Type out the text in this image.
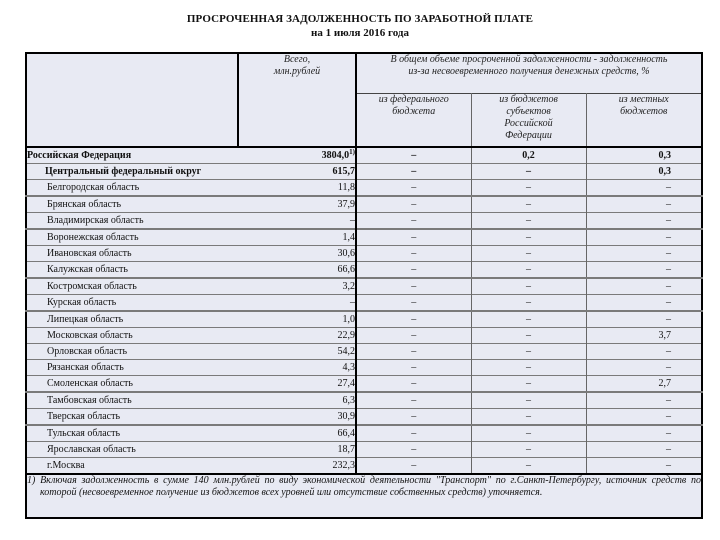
ПРОСРОЧЕННАЯ ЗАДОЛЖЕННОСТЬ ПО ЗАРАБОТНОЙ ПЛАТЕ
на 1 июля 2016 года
	Всего, млн.рублей	В общем объеме просроченной задолженности - задолженность из-за несвоевременного получения денежных средств, %		
		из федерального бюджета	из бюджетов субъектов Российской Федерации	из местных бюджетов
Российская Федерация	3804,0$^{1)}$	–	0,2	0,3
Центральный федеральный округ	615,7	–	–	0,3
Белгородская область	11,8	–	–	–
Брянская область	37,9	–	–	–
Владимирская область	–	–	–	–
Воронежская область	1,4	–	–	–
Ивановская область	30,6	–	–	–
Калужская область	66,6	–	–	–
Костромская область	3,2	–	–	–
Курская область	–	–	–	–
Липецкая область	1,0	–	–	–
Московская область	22,9	–	–	3,7
Орловская область	54,2	–	–	–
Рязанская область	4,3	–	–	–
Смоленская область	27,4	–	–	2,7
Тамбовская область	6,3	–	–	–
Тверская область	30,9	–	–	–
Тульская область	66,4	–	–	–
Ярославская область	18,7	–	–	–
г.Москва	232,3	–	–	–

1) Включая задолженность в сумме 140 млн.рублей по виду экономической деятельности "Транспорт" по г.Санкт-Петербургу, источник средств по которой (несвоевременное получение из бюджетов всех уровней или отсутствие собственных средств) уточняется.				
